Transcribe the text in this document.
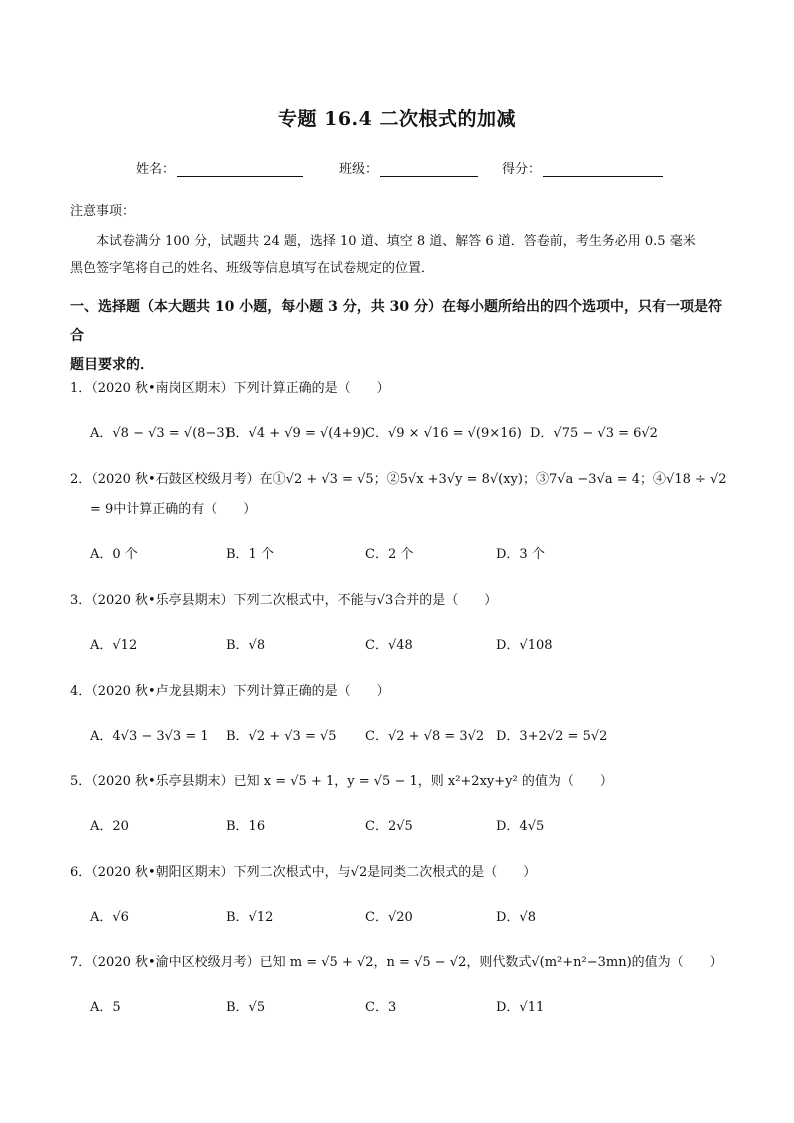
专题 16.4 二次根式的加减
姓名：	班级：	得分：
注意事项：
本试卷满分 100 分，试题共 24 题，选择 10 道、填空 8 道、解答 6 道．答卷前，考生务必用 0.5 毫米
黑色签字笔将自己的姓名、班级等信息填写在试卷规定的位置．
一、选择题（本大题共 10 小题，每小题 3 分，共 30 分）在每小题所给出的四个选项中，只有一项是符合
题目要求的．
1．（2020 秋•南岗区期末）下列计算正确的是（　　）
A．√8 − √3 = √(8−3)
B．√4 + √9 = √(4+9) C．√9 × √16 = √(9×16) D．√75 − √3 = 6√2
2．（2020 秋•石鼓区校级月考）在①√2 + √3 = √5；②5√x +3√y = 8√(xy)；③7√a −3√a = 4；④√18 ÷ √2
= 9中计算正确的有（　　）
A．0 个	B．1 个	C．2 个	D．3 个
3．（2020 秋•乐亭县期末）下列二次根式中，不能与√3合并的是（　　）
A．√12	B．√8	C．√48	D．√108
4．（2020 秋•卢龙县期末）下列计算正确的是（　　）
A．4√3 − 3√3 = 1 B．√2 + √3 = √5 C．√2 + √8 = 3√2 D．3+2√2 = 5√2
5．（2020 秋•乐亭县期末）已知 x = √5 + 1，y = √5 − 1，则 x²+2xy+y² 的值为（　　）
A．20	B．16	C．2√5	D．4√5
6．（2020 秋•朝阳区期末）下列二次根式中，与√2是同类二次根式的是（　　）
A．√6	B．√12	C．√20	D．√8
7．（2020 秋•渝中区校级月考）已知 m = √5 + √2，n = √5 − √2，则代数式√(m²+n²−3mn)的值为（　　）
A．5	B．√5	C．3	D．√11
